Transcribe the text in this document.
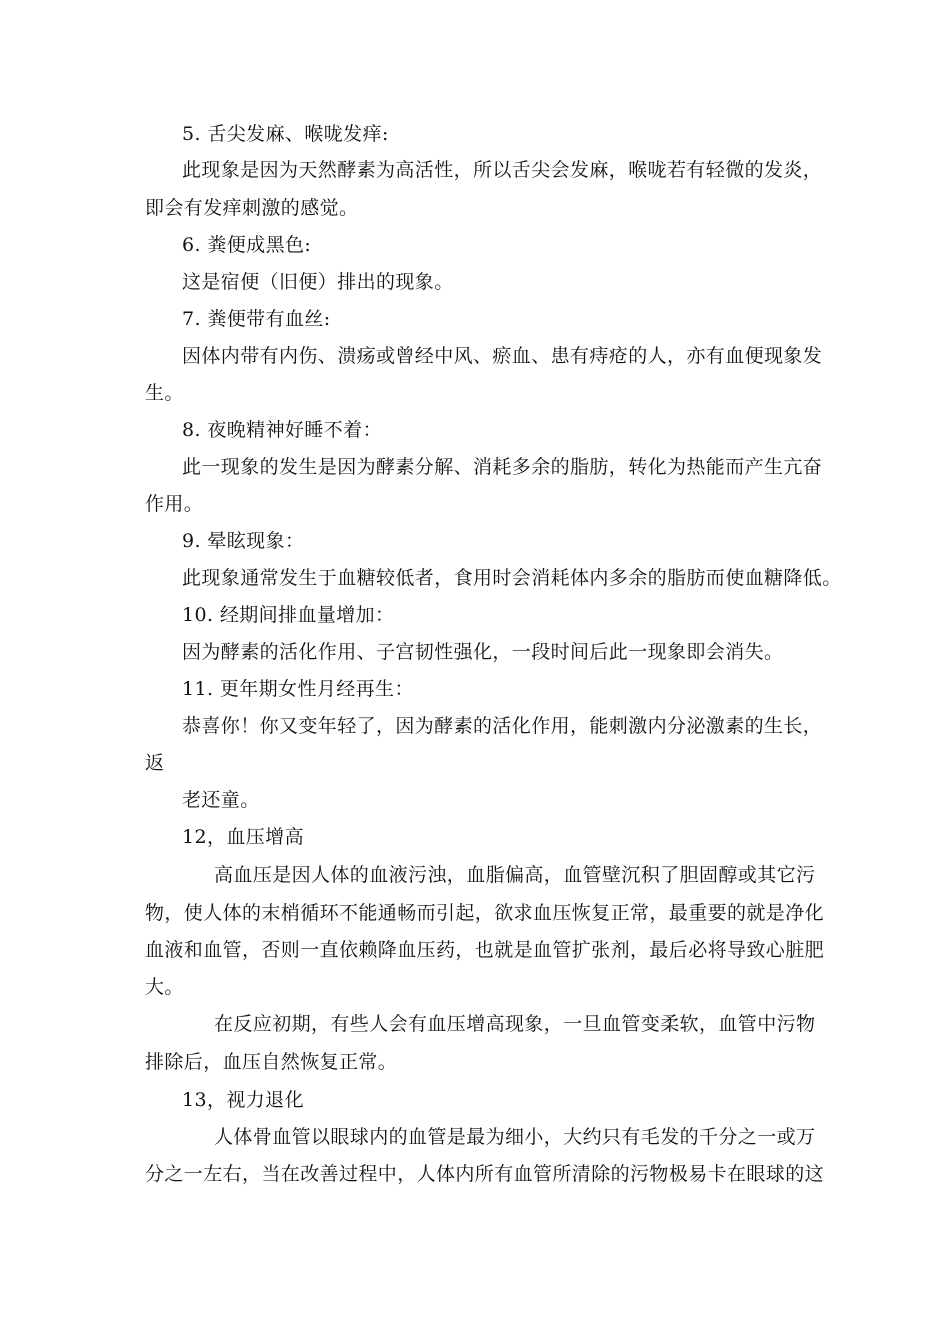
5. 舌尖发麻、喉咙发痒:
此现象是因为天然酵素为高活性，所以舌尖会发麻，喉咙若有轻微的发炎，
即会有发痒刺激的感觉。
6. 粪便成黑色:
这是宿便（旧便）排出的现象。
7. 粪便带有血丝:
因体内带有内伤、溃疡或曾经中风、瘀血、患有痔疮的人，亦有血便现象发
生。
8. 夜晚精神好睡不着：
此一现象的发生是因为酵素分解、消耗多余的脂肪，转化为热能而产生亢奋
作用。
9. 晕眩现象：
此现象通常发生于血糖较低者，食用时会消耗体内多余的脂肪而使血糖降低。
10. 经期间排血量增加：
因为酵素的活化作用、子宫韧性强化，一段时间后此一现象即会消失。
11. 更年期女性月经再生：
恭喜你！你又变年轻了，因为酵素的活化作用，能刺激内分泌激素的生长，
返
老还童。
12，血压增高
高血压是因人体的血液污浊，血脂偏高，血管壁沉积了胆固醇或其它污
物，使人体的末梢循环不能通畅而引起，欲求血压恢复正常，最重要的就是净化
血液和血管，否则一直依赖降血压药，也就是血管扩张剂，最后必将导致心脏肥
大。
在反应初期，有些人会有血压增高现象，一旦血管变柔软，血管中污物
排除后，血压自然恢复正常。
13，视力退化
人体骨血管以眼球内的血管是最为细小，大约只有毛发的千分之一或万
分之一左右，当在改善过程中，人体内所有血管所清除的污物极易卡在眼球的这
